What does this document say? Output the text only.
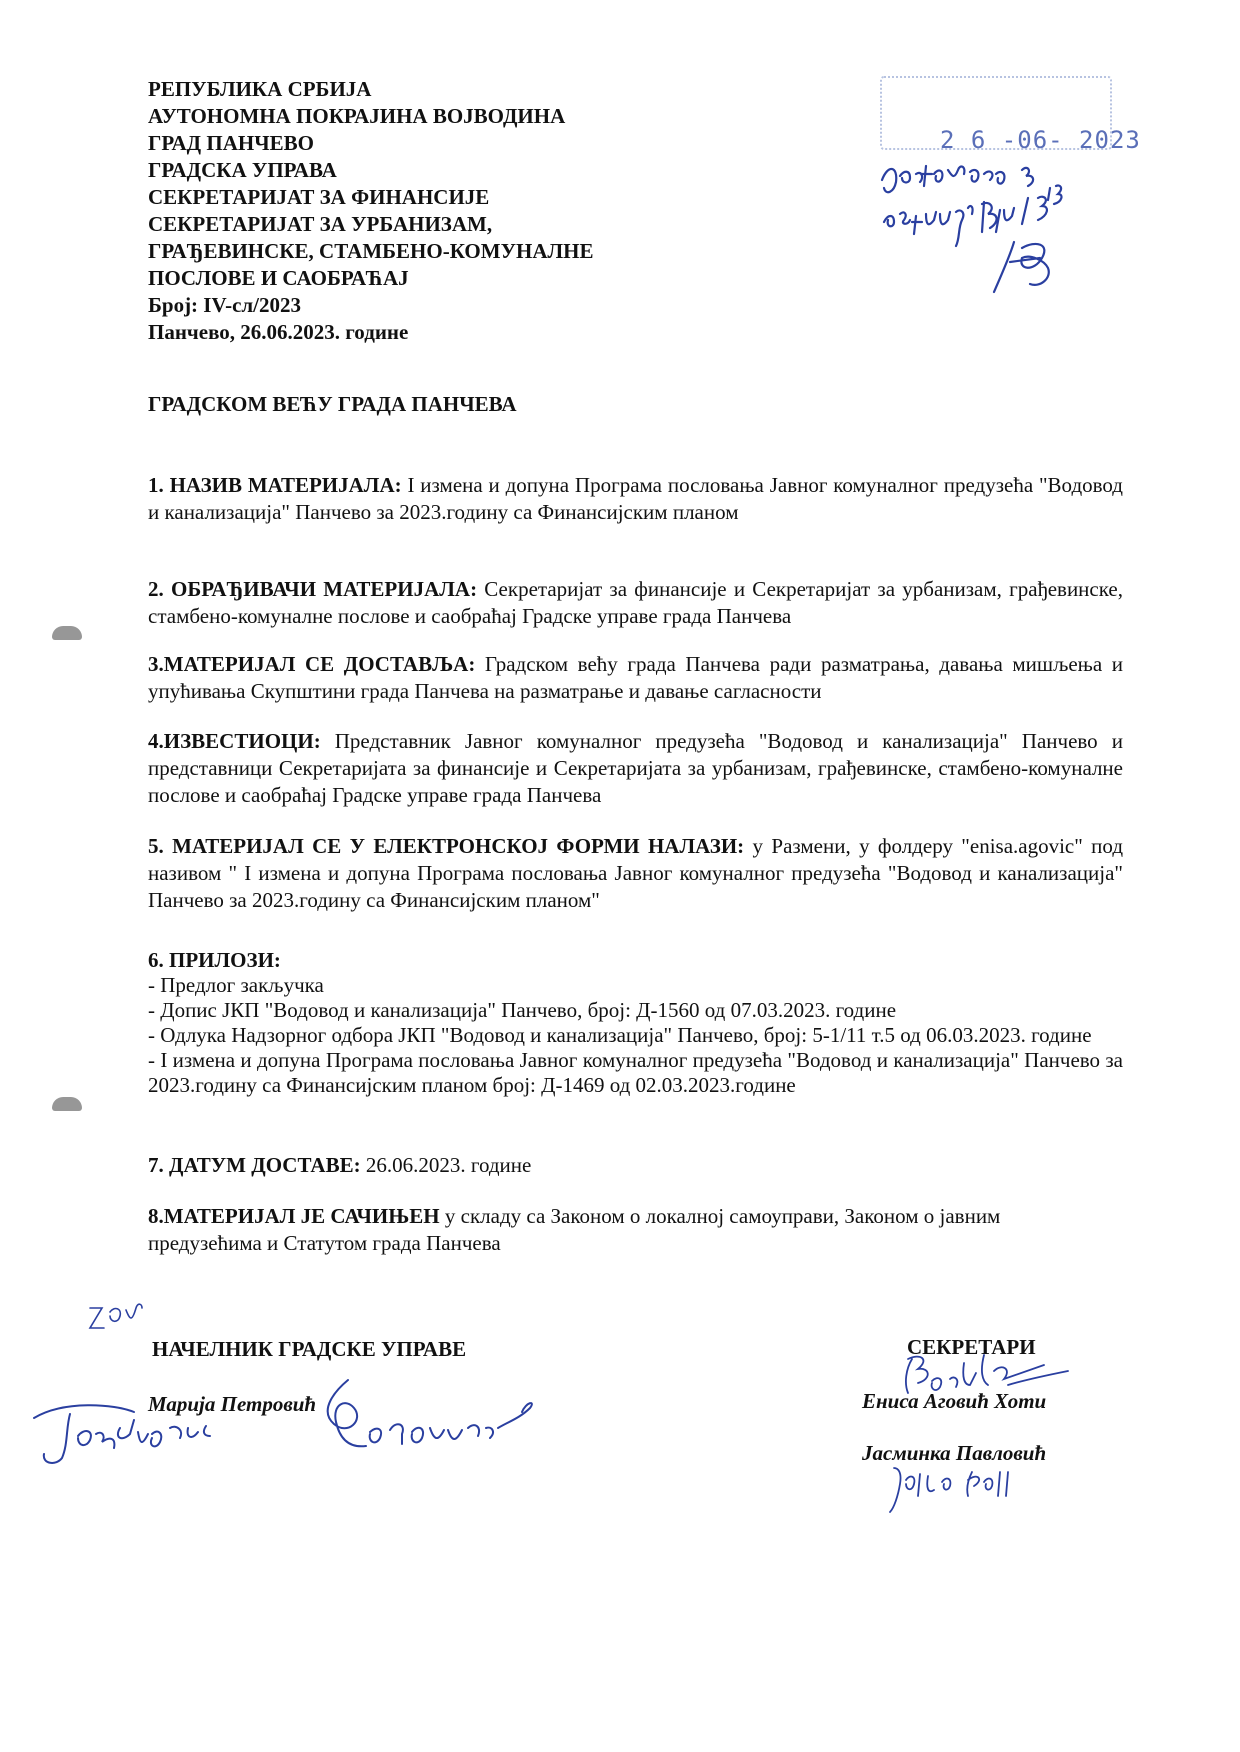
РЕПУБЛИКА СРБИЈА
АУТОНОМНА ПОКРАЈИНА ВОЈВОДИНА
ГРАД ПАНЧЕВО
ГРАДСКА УПРАВА
СЕКРЕТАРИЈАТ ЗА ФИНАНСИЈЕ
СЕКРЕТАРИЈАТ ЗА УРБАНИЗАМ,
ГРАЂЕВИНСКЕ, СТАМБЕНО-КОМУНАЛНЕ
ПОСЛОВЕ И САОБРАЋАЈ
Број: IV-сл/2023
Панчево, 26.06.2023. године
2 6 -06- 2023
ГРАДСКОМ ВЕЋУ ГРАДА ПАНЧЕВА
1. НАЗИВ МАТЕРИЈАЛА: I измена и допуна Програма пословања Јавног комуналног предузећа "Водовод и канализација" Панчево за 2023.годину са Финансијским планом
2. ОБРАЂИВАЧИ МАТЕРИЈАЛА: Секретаријат за финансије и Секретаријат за урбанизам, грађевинске, стамбено-комуналне послове и саобраћај Градске управе града Панчева
3.МАТЕРИЈАЛ СЕ ДОСТАВЉА: Градском већу града Панчева ради разматрања, давања мишљења и упућивања Скупштини града Панчева на разматрање и давање сагласности
4.ИЗВЕСТИОЦИ: Представник Јавног комуналног предузећа "Водовод и канализација" Панчево и представници Секретаријата за финансије и Секретаријата за урбанизам, грађевинске, стамбено-комуналне послове и саобраћај Градске управе града Панчева
5. МАТЕРИЈАЛ СЕ У ЕЛЕКТРОНСКОЈ ФОРМИ НАЛАЗИ: у Размени, у фолдеру "enisa.agovic" под називом " I измена и допуна Програма пословања Јавног комуналног предузећа "Водовод и канализација" Панчево за 2023.годину са Финансијским планом"
6. ПРИЛОЗИ:
- Предлог закључка
- Допис ЈКП "Водовод и канализација" Панчево, број: Д-1560 од 07.03.2023. године
- Одлука Надзорног одбора ЈКП "Водовод и канализација" Панчево, број: 5-1/11 т.5 од 06.03.2023. године
- I измена и допуна Програма пословања Јавног комуналног предузећа "Водовод и канализација" Панчево за 2023.годину са Финансијским планом број: Д-1469 од 02.03.2023.године
7. ДАТУМ ДОСТАВЕ: 26.06.2023. године
8.МАТЕРИЈАЛ ЈЕ САЧИЊЕН у складу са Законом о локалној самоуправи, Законом о јавним предузећима и Статутом града Панчева
НАЧЕЛНИК ГРАДСКЕ УПРАВЕ
Марија Петровић
СЕКРЕТАРИ
Ениса Аговић Хоти
Јасминка Павловић
